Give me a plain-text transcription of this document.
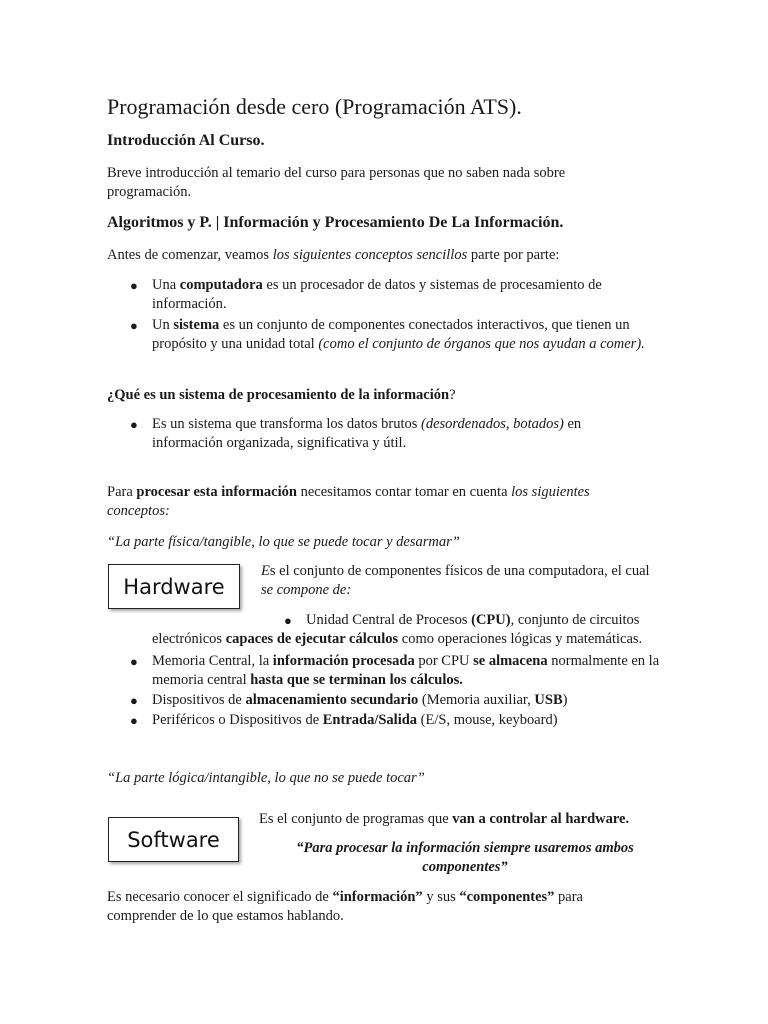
Programación desde cero (Programación ATS).
Introducción Al Curso.

Breve introducción al temario del curso para personas que no saben nada sobre programación.

Algoritmos y P. | Información y Procesamiento De La Información.

Antes de comenzar, veamos los siguientes conceptos sencillos parte por parte:

● Una computadora es un procesador de datos y sistemas de procesamiento de información.
● Un sistema es un conjunto de componentes conectados interactivos, que tienen un propósito y una unidad total (como el conjunto de órganos que nos ayudan a comer).

¿Qué es un sistema de procesamiento de la información?

● Es un sistema que transforma los datos brutos (desordenados, botados) en información organizada, significativa y útil.

Para procesar esta información necesitamos contar tomar en cuenta los siguientes conceptos:

“La parte física/tangible, lo que se puede tocar y desarmar”

Hardware

Es el conjunto de componentes físicos de una computadora, el cual se compone de:

● Unidad Central de Procesos (CPU), conjunto de circuitos electrónicos capaces de ejecutar cálculos como operaciones lógicas y matemáticas.

● Memoria Central, la información procesada por CPU se almacena normalmente en la memoria central hasta que se terminan los cálculos.
● Dispositivos de almacenamiento secundario (Memoria auxiliar, USB)
● Periféricos o Dispositivos de Entrada/Salida (E/S, mouse, keyboard)

“La parte lógica/intangible, lo que no se puede tocar”

Es el conjunto de programas que van a controlar al hardware.

Software	“Para procesar la información siempre usaremos ambos componentes”

Es necesario conocer el significado de “información” y sus “componentes” para comprender de lo que estamos hablando.
